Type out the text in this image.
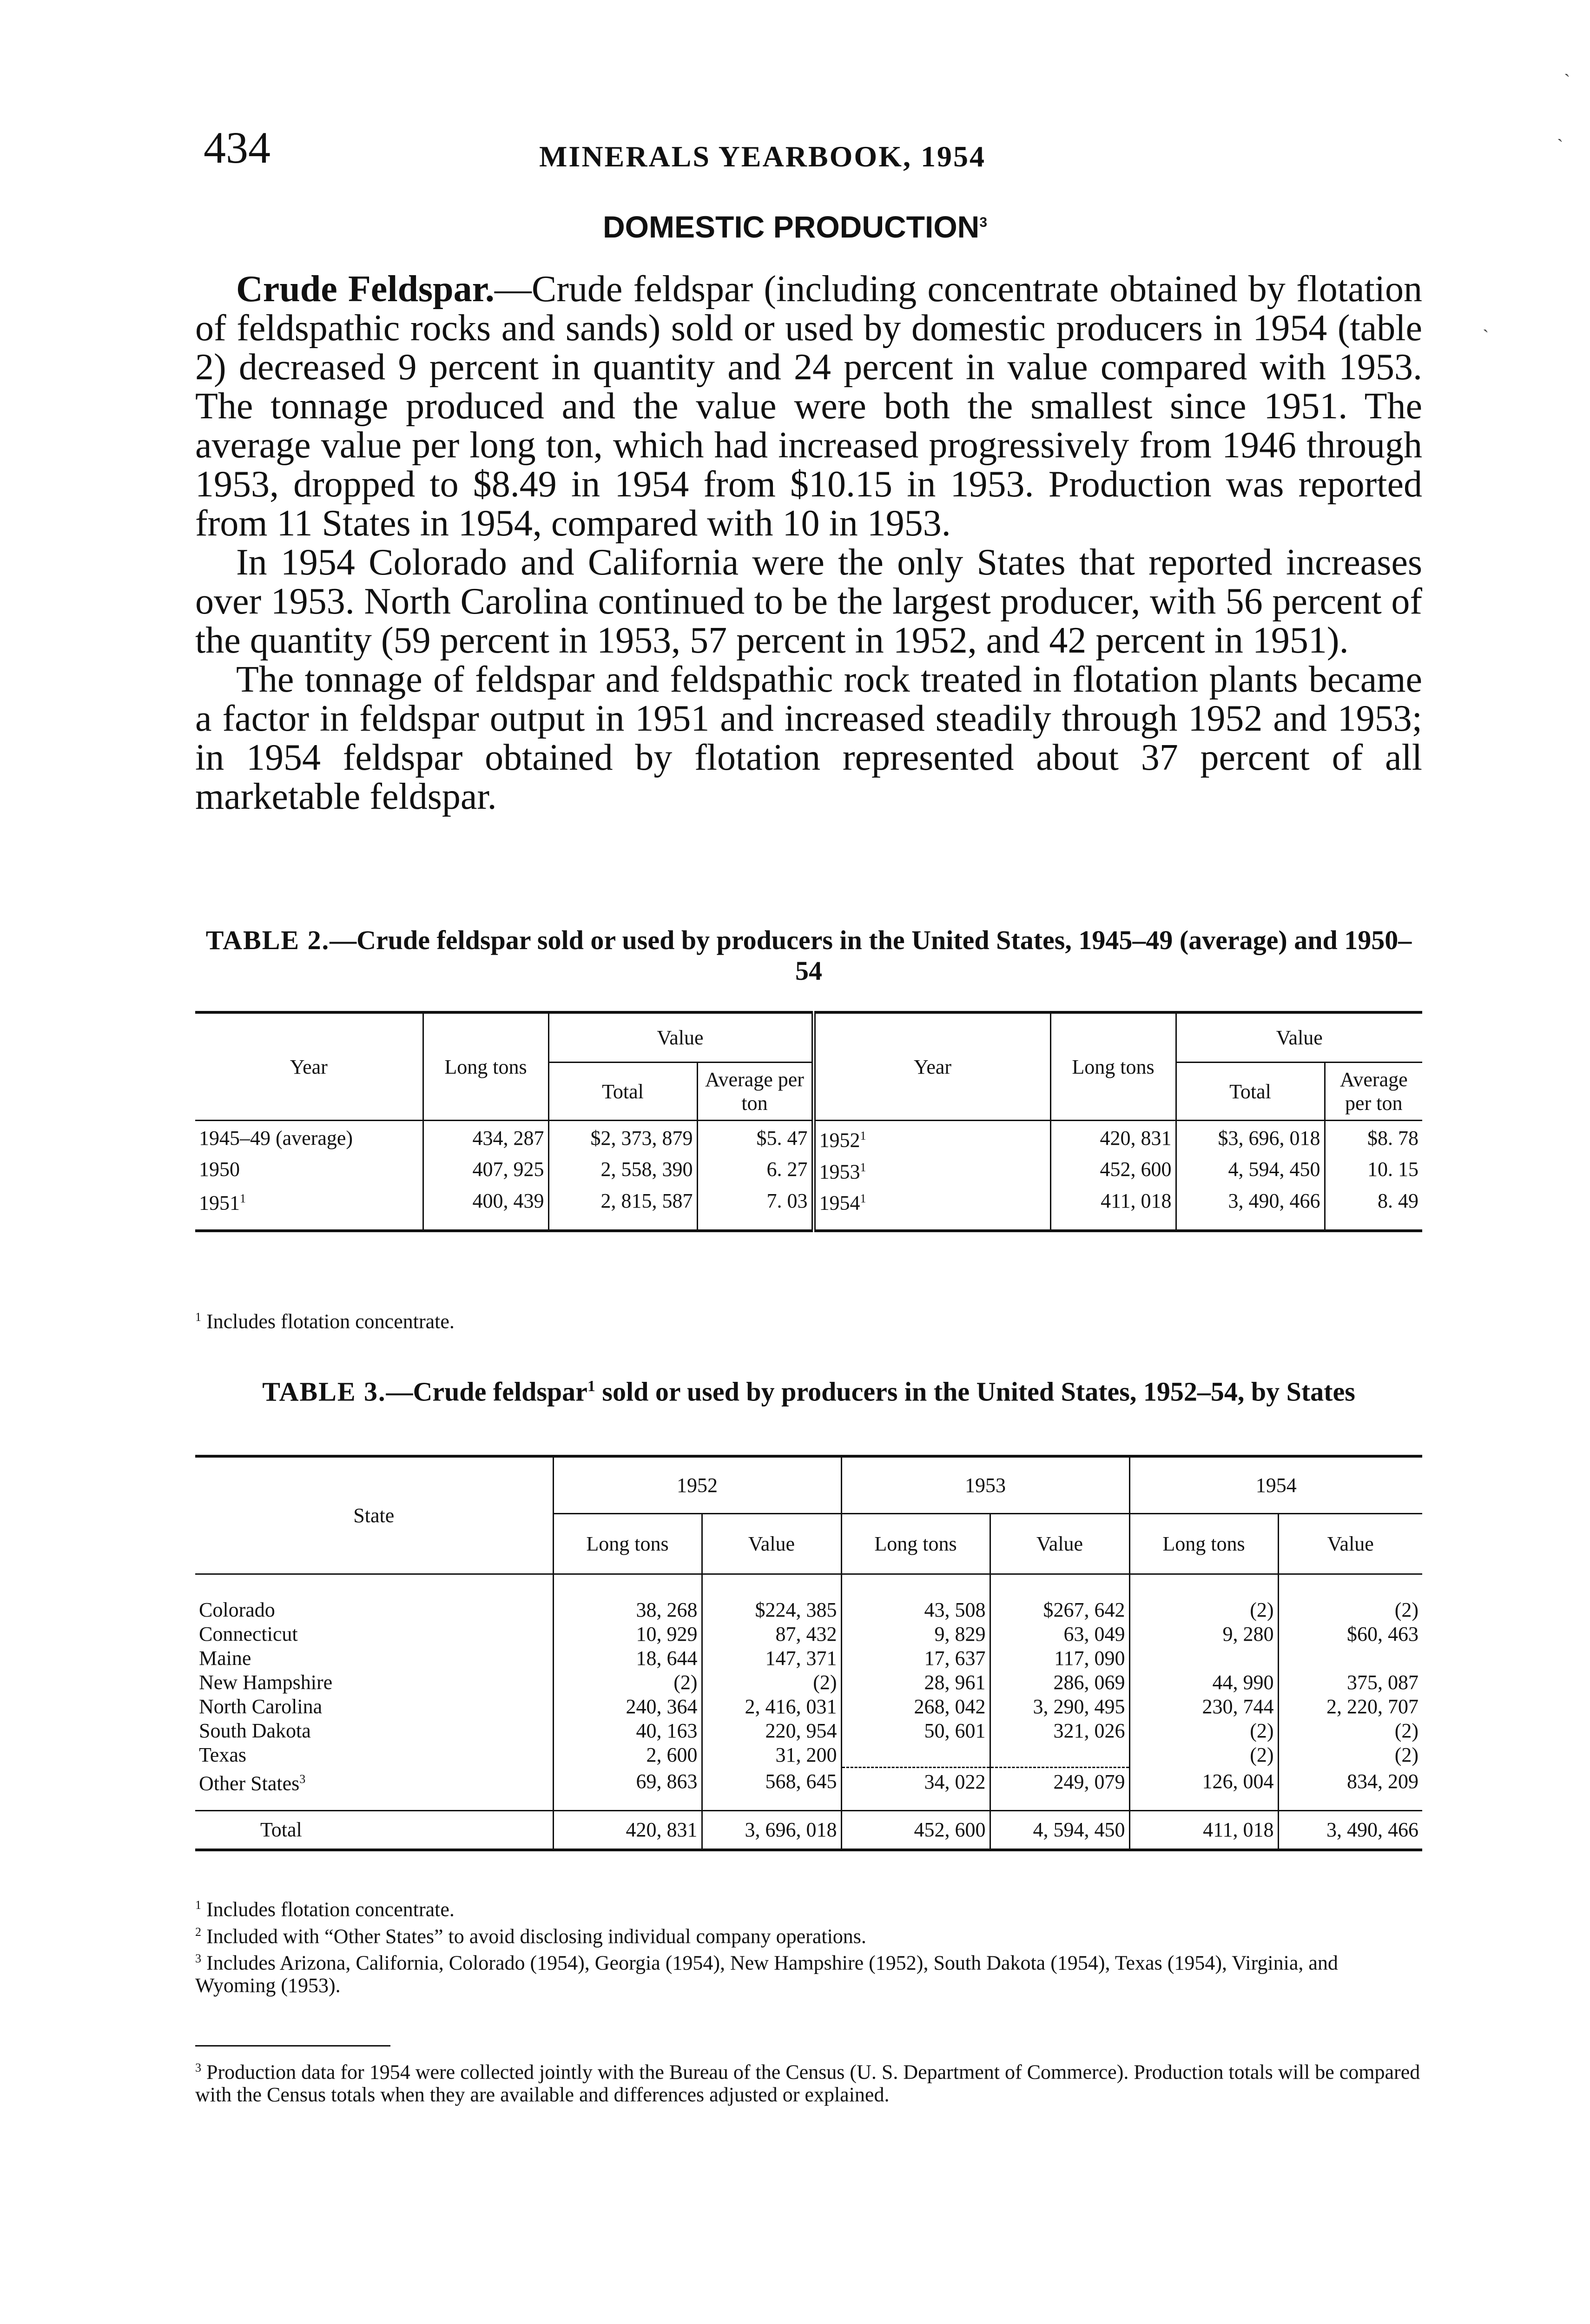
434	MINERALS YEARBOOK, 1954
DOMESTIC PRODUCTION$^3$

Crude Feldspar.—Crude feldspar (including concentrate obtained by flotation of feldspathic rocks and sands) sold or used by domestic producers in 1954 (table 2) decreased 9 percent in quantity and 24 percent in value compared with 1953. The tonnage produced and the value were both the smallest since 1951. The average value per long ton, which had increased progressively from 1946 through 1953, dropped to $8.49 in 1954 from $10.15 in 1953. Production was reported from 11 States in 1954, compared with 10 in 1953.

In 1954 Colorado and California were the only States that reported increases over 1953. North Carolina continued to be the largest producer, with 56 percent of the quantity (59 percent in 1953, 57 percent in 1952, and 42 percent in 1951).

The tonnage of feldspar and feldspathic rock treated in flotation plants became a factor in feldspar output in 1951 and increased steadily through 1952 and 1953; in 1954 feldspar obtained by flotation represented about 37 percent of all marketable feldspar.

TABLE 2.—Crude feldspar sold or used by producers in the United States, 1945–49 (average) and 1950–54
Year	Long tons	Value		Year	Long tons	Value	
		Total	Average per ton			Total	Average per ton
1945–49 (average)	434, 287	$2, 373, 879	$5. 47	1952$^1$	420, 831	$3, 696, 018	$8. 78
1950	407, 925	2, 558, 390	6. 27	1953$^1$	452, 600	4, 594, 450	10. 15
1951$^1$	400, 439	2, 815, 587	7. 03	1954$^1$	411, 018	3, 490, 466	8. 49
$^1$ Includes flotation concentrate.
TABLE 3.—Crude feldspar$^1$ sold or used by producers in the United States, 1952–54, by States
State	1952		1953		1954	
	Long tons	Value	Long tons	Value	Long tons	Value
Colorado	38, 268	$224, 385	43, 508	$267, 642	(2)	(2)
Connecticut	10, 929	87, 432	9, 829	63, 049	9, 280	$60, 463
Maine	18, 644	147, 371	17, 637	117, 090		
New Hampshire	(2)	(2)	28, 961	286, 069	44, 990	375, 087
North Carolina	240, 364	2, 416, 031	268, 042	3, 290, 495	230, 744	2, 220, 707
South Dakota	40, 163	220, 954	50, 601	321, 026	(2)	(2)
Texas	2, 600	31, 200			(2)	(2)
Other States$^3$	69, 863	568, 645	34, 022	249, 079	126, 004	834, 209
Total	420, 831	3, 696, 018	452, 600	4, 594, 450	411, 018	3, 490, 466

$^1$ Includes flotation concentrate.

$^2$ Included with “Other States” to avoid disclosing individual company operations.

$^3$ Includes Arizona, California, Colorado (1954), Georgia (1954), New Hampshire (1952), South Dakota (1954), Texas (1954), Virginia, and Wyoming (1953).

$^3$ Production data for 1954 were collected jointly with the Bureau of the Census (U. S. Department of Commerce). Production totals will be compared with the Census totals when they are available and differences adjusted or explained.
ˋ
ˋ
ˋ
